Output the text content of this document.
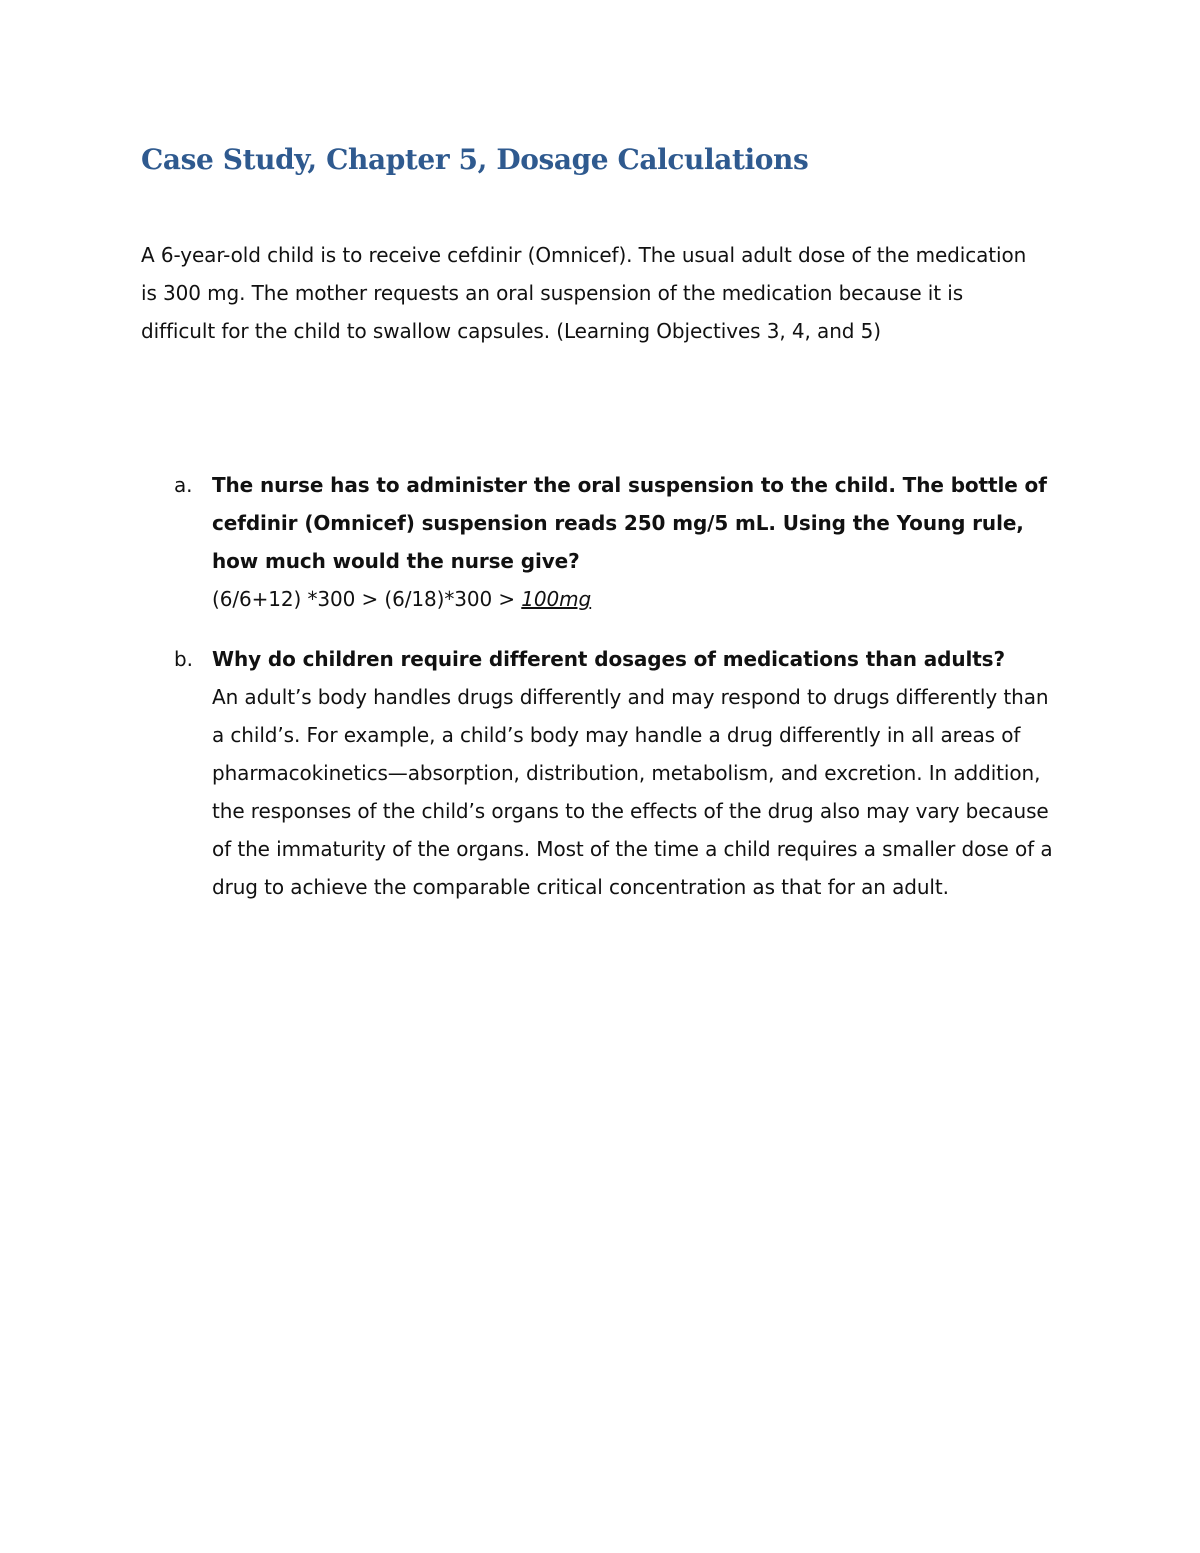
Case Study, Chapter 5, Dosage Calculations

A 6-year-old child is to receive cefdinir (Omnicef). The usual adult dose of the medication is 300 mg. The mother requests an oral suspension of the medication because it is difficult for the child to swallow capsules. (Learning Objectives 3, 4, and 5)

a. The nurse has to administer the oral suspension to the child. The bottle of cefdinir (Omnicef) suspension reads 250 mg/5 mL. Using the Young rule, how much would the nurse give?

(6/6+12) *300 > (6/18)*300 > 100mg

b. Why do children require different dosages of medications than adults?

An adult’s body handles drugs differently and may respond to drugs differently than a child’s. For example, a child’s body may handle a drug differently in all areas of pharmacokinetics—absorption, distribution, metabolism, and excretion. In addition, the responses of the child’s organs to the effects of the drug also may vary because of the immaturity of the organs. Most of the time a child requires a smaller dose of a drug to achieve the comparable critical concentration as that for an adult.
